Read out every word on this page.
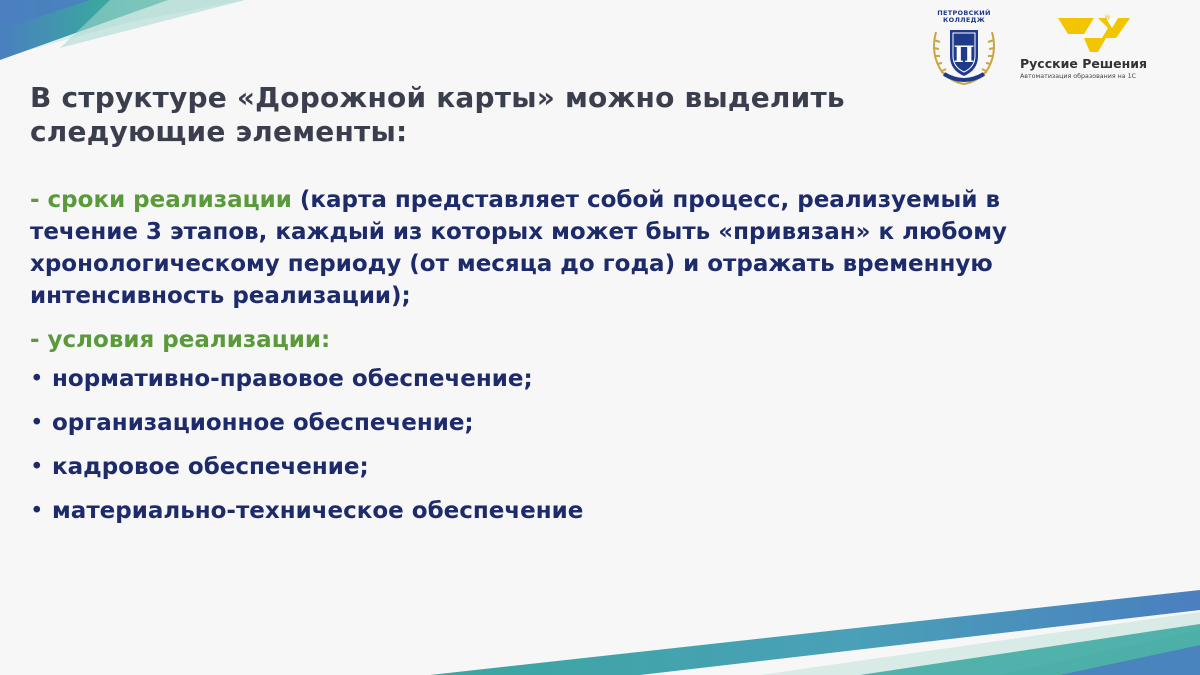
ПЕТРОВСКИЙ КОЛЛЕДЖ
П
®
Русские Решения
Автоматизация образования на 1С
В структуре «Дорожной карты» можно выделить следующие элементы:

- сроки реализации (карта представляет собой процесс, реализуемый в течение 3 этапов, каждый из которых может быть «привязан» к любому хронологическому периоду (от месяца до года) и отражать временную интенсивность реализации);

- условия реализации:

• нормативно-правовое обеспечение;
• организационное обеспечение;
• кадровое обеспечение;
• материально-техническое обеспечение
